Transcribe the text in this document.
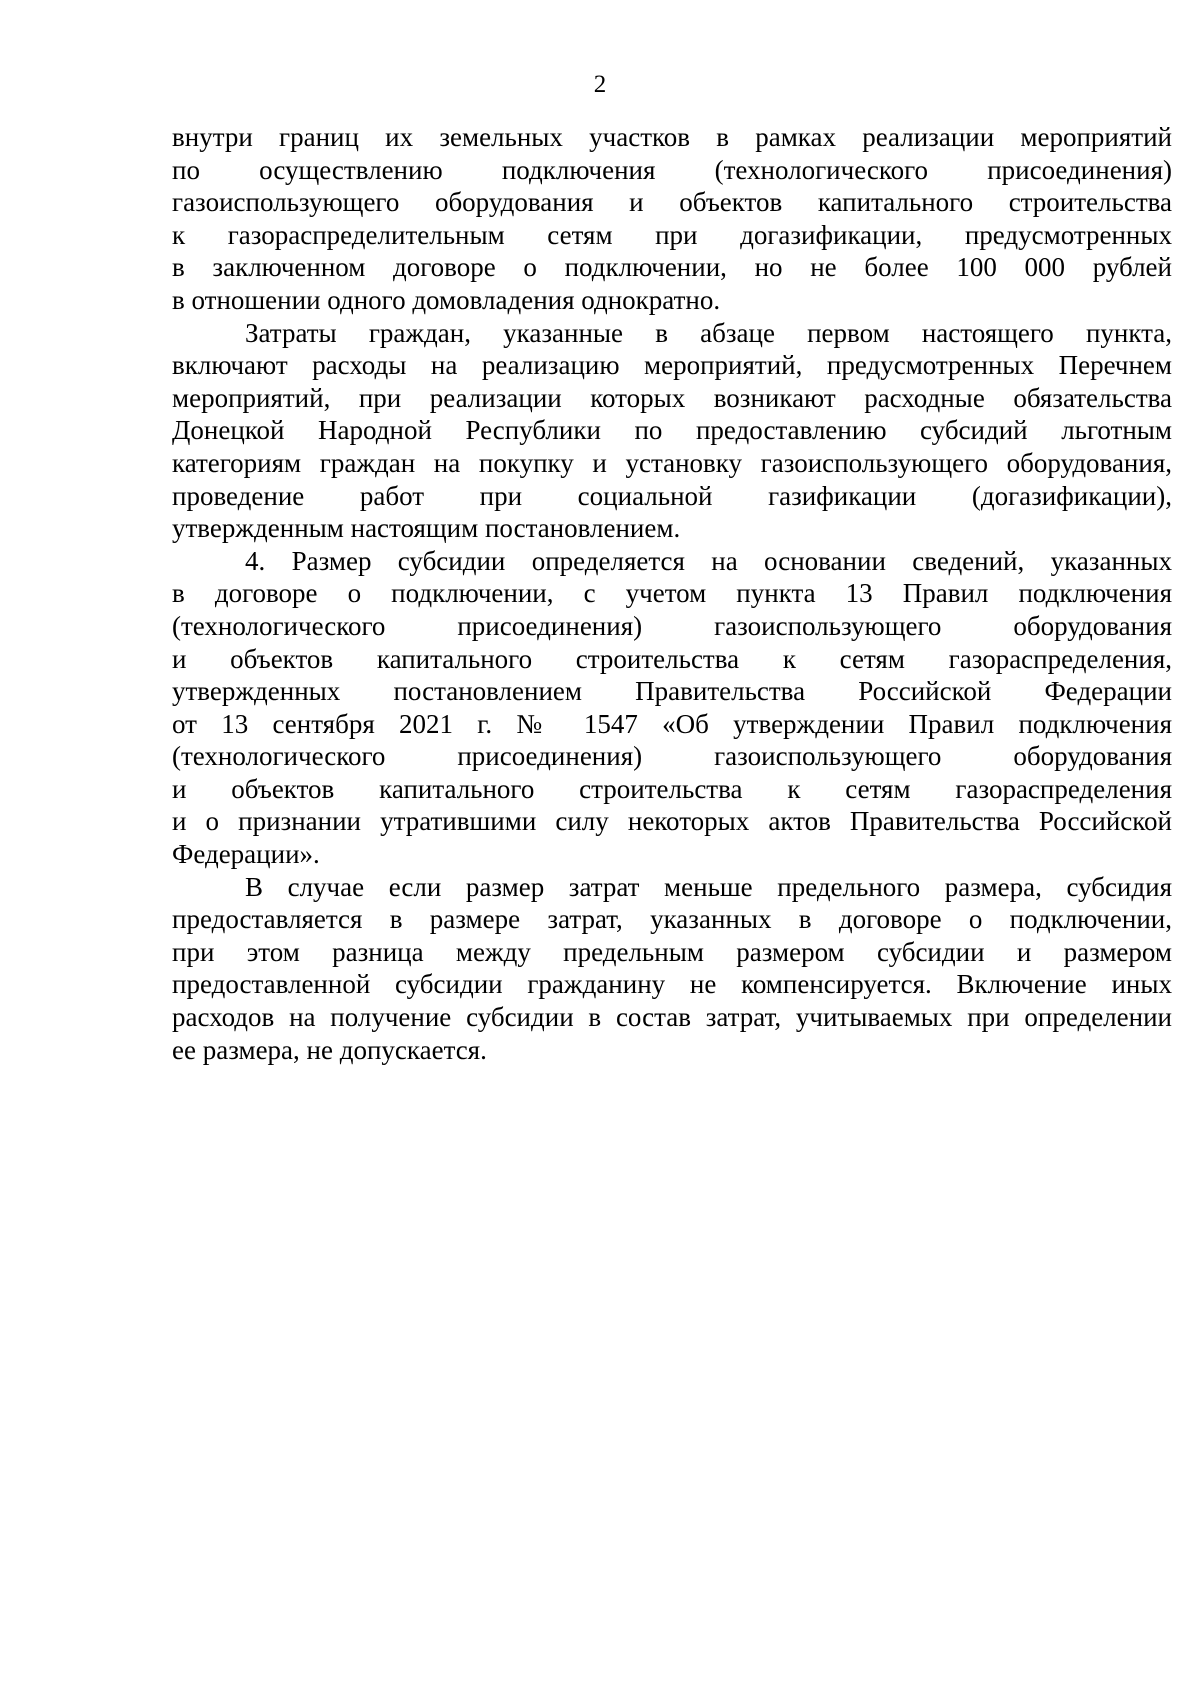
2

внутри границ их земельных участков в рамках реализации мероприятий
по осуществлению подключения (технологического присоединения)
газоиспользующего оборудования и объектов капитального строительства
к газораспределительным сетям при догазификации, предусмотренных
в заключенном договоре о подключении, но не более 100 000 рублей
в отношении одного домовладения однократно.

Затраты граждан, указанные в абзаце первом настоящего пункта,
включают расходы на реализацию мероприятий, предусмотренных Перечнем
мероприятий, при реализации которых возникают расходные обязательства
Донецкой Народной Республики по предоставлению субсидий льготным
категориям граждан на покупку и установку газоиспользующего оборудования,
проведение работ при социальной газификации (догазификации),
утвержденным настоящим постановлением.

4. Размер субсидии определяется на основании сведений, указанных
в договоре о подключении, с учетом пункта 13 Правил подключения
(технологического присоединения) газоиспользующего оборудования
и объектов капитального строительства к сетям газораспределения,
утвержденных постановлением Правительства Российской Федерации
от 13 сентября 2021 г. № 1547 «Об утверждении Правил подключения
(технологического присоединения) газоиспользующего оборудования
и объектов капитального строительства к сетям газораспределения
и о признании утратившими силу некоторых актов Правительства Российской
Федерации».

В случае если размер затрат меньше предельного размера, субсидия
предоставляется в размере затрат, указанных в договоре о подключении,
при этом разница между предельным размером субсидии и размером
предоставленной субсидии гражданину не компенсируется. Включение иных
расходов на получение субсидии в состав затрат, учитываемых при определении
ее размера, не допускается.
